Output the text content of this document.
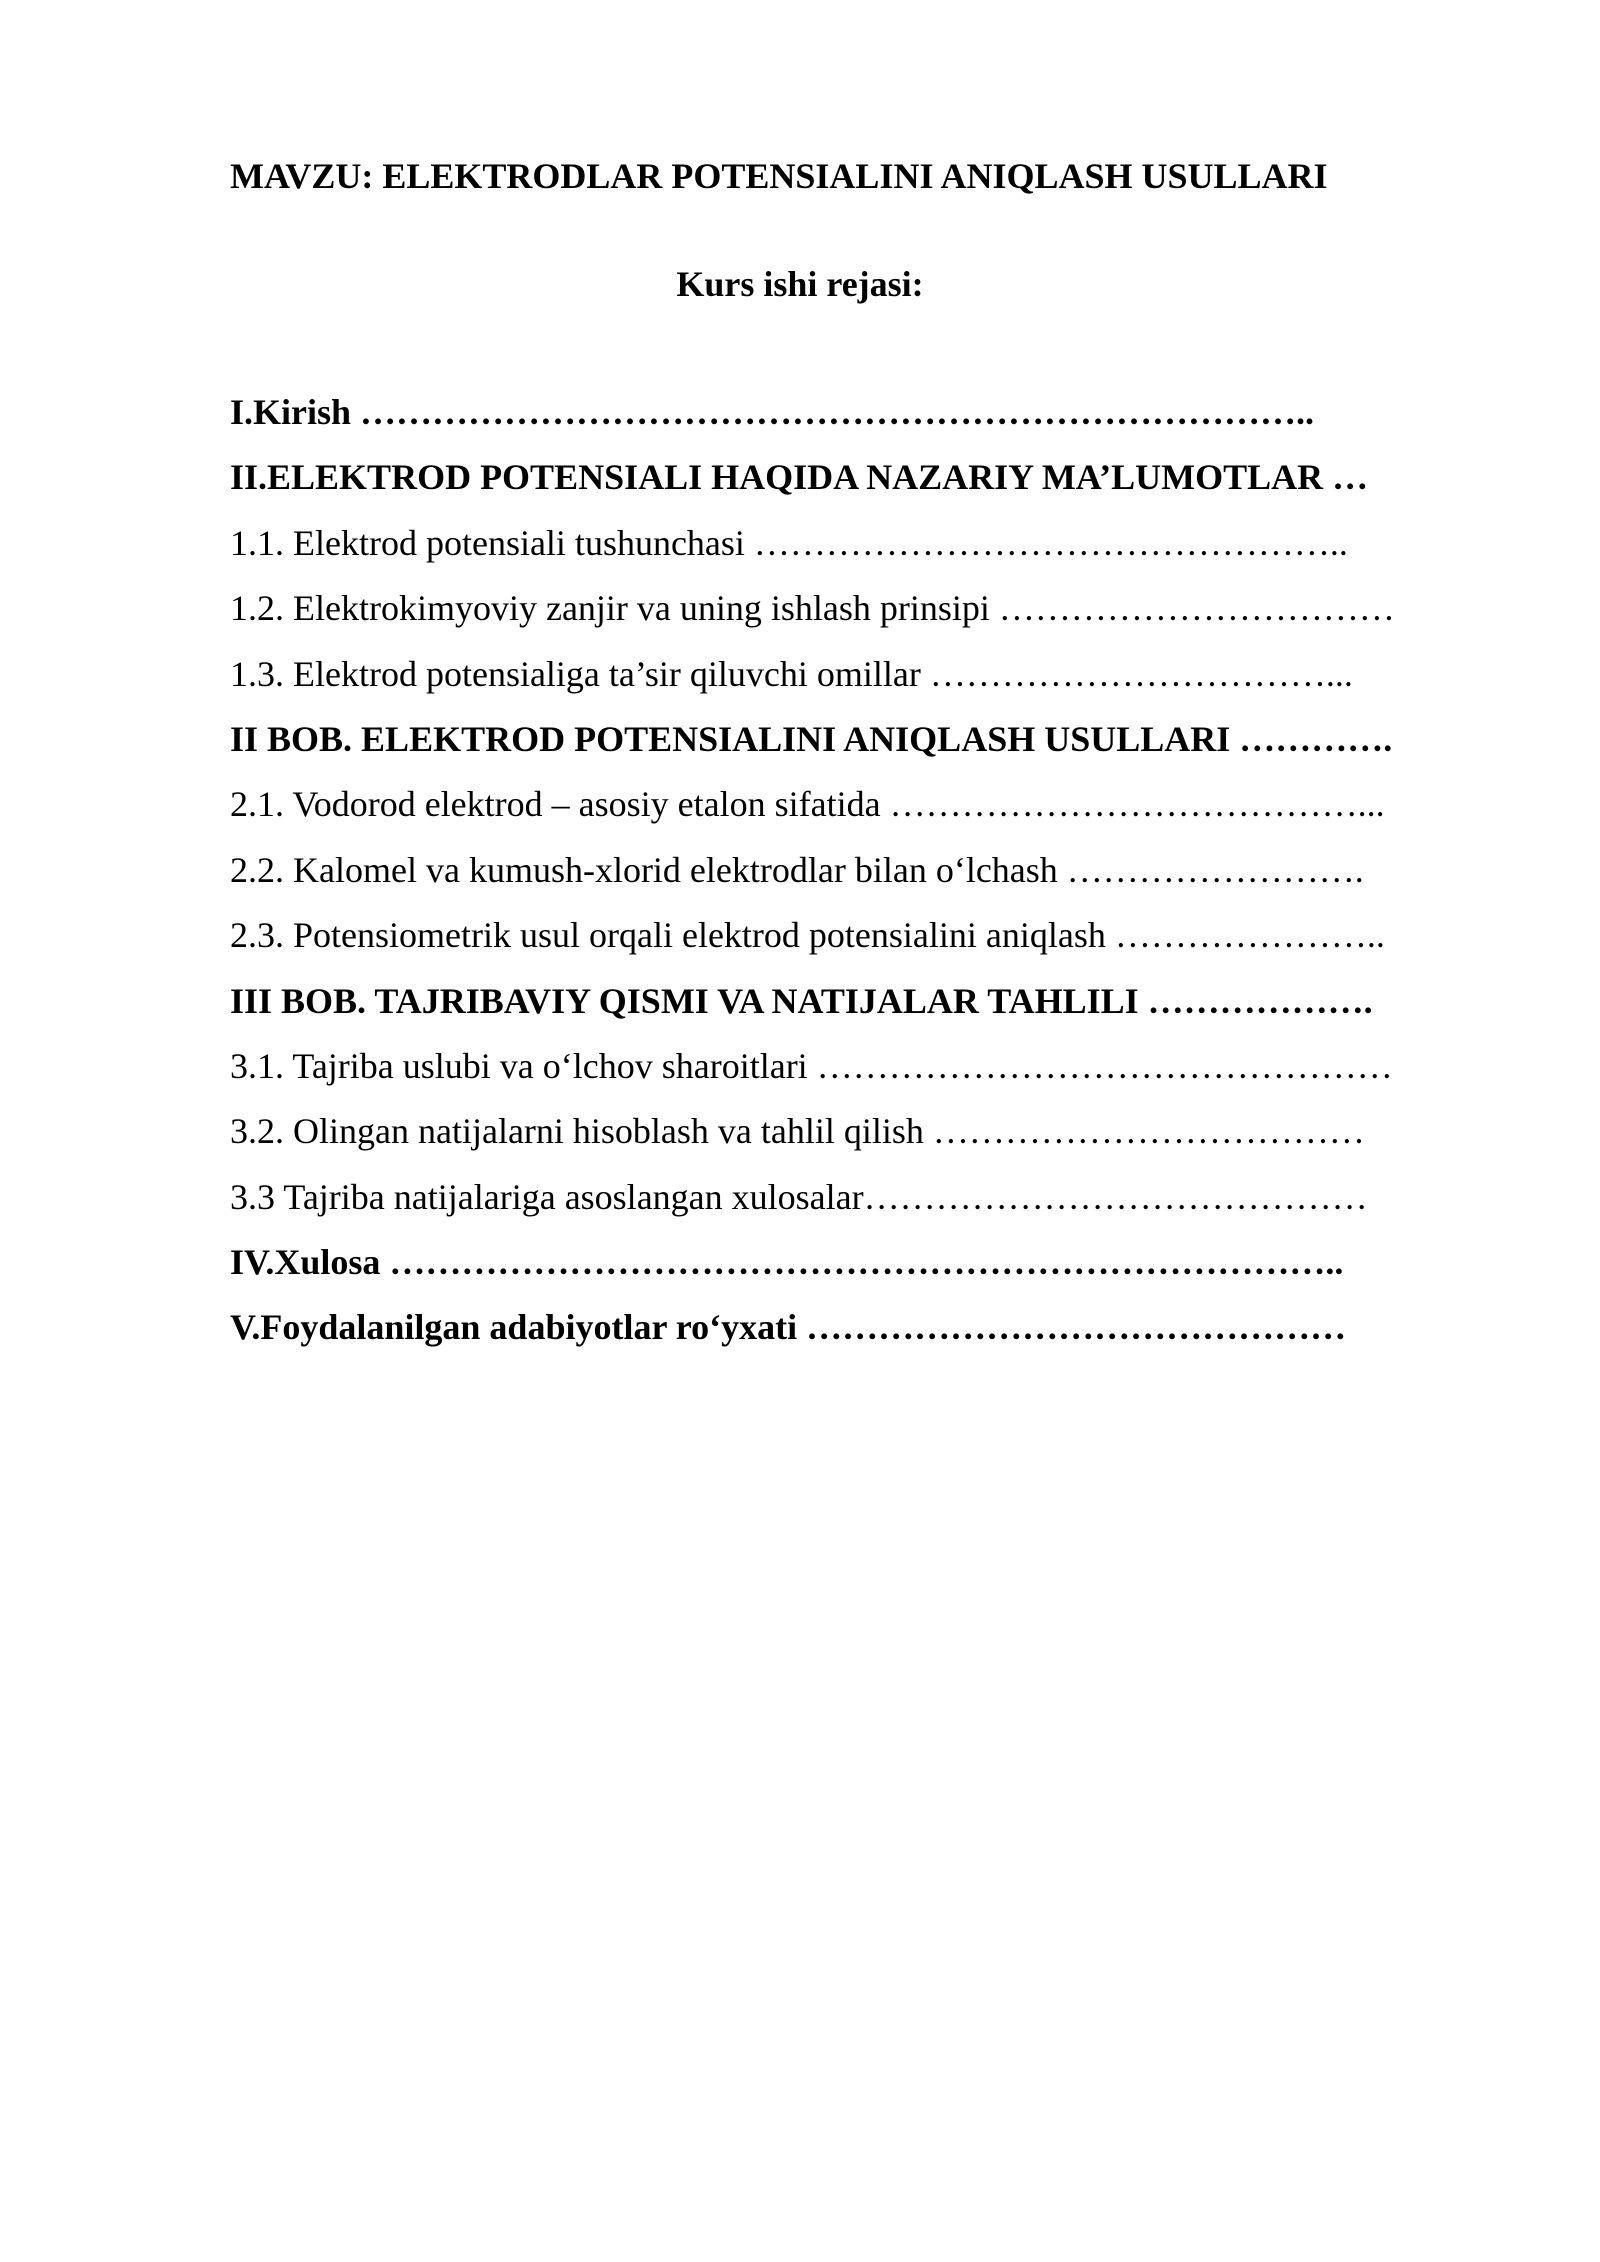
MAVZU: ELEKTRODLAR POTENSIALINI ANIQLASH USULLARI
Kurs ishi rejasi:
I.Kirish ……………………………………………………………………..
II.ELEKTROD POTENSIALI HAQIDA NAZARIY MA’LUMOTLAR …
1.1. Elektrod potensiali tushunchasi …………………………………………..
1.2. Elektrokimyoviy zanjir va uning ishlash prinsipi ……………………………
1.3. Elektrod potensialiga ta’sir qiluvchi omillar ……………………………...
II BOB. ELEKTROD POTENSIALINI ANIQLASH USULLARI ………….
2.1. Vodorod elektrod – asosiy etalon sifatida …………………………………...
2.2. Kalomel va kumush-xlorid elektrodlar bilan o‘lchash …………………….
2.3. Potensiometrik usul orqali elektrod potensialini aniqlash …………………..
III BOB. TAJRIBAVIY QISMI VA NATIJALAR TAHLILI ……………….
3.1. Tajriba uslubi va o‘lchov sharoitlari …………………………………………
3.2. Olingan natijalarni hisoblash va tahlil qilish ………………………………
3.3 Tajriba natijalariga asoslangan xulosalar……………………………………
IV.Xulosa ……………………………………………………………………..
V.Foydalanilgan adabiyotlar ro‘yxati ………………………………………
